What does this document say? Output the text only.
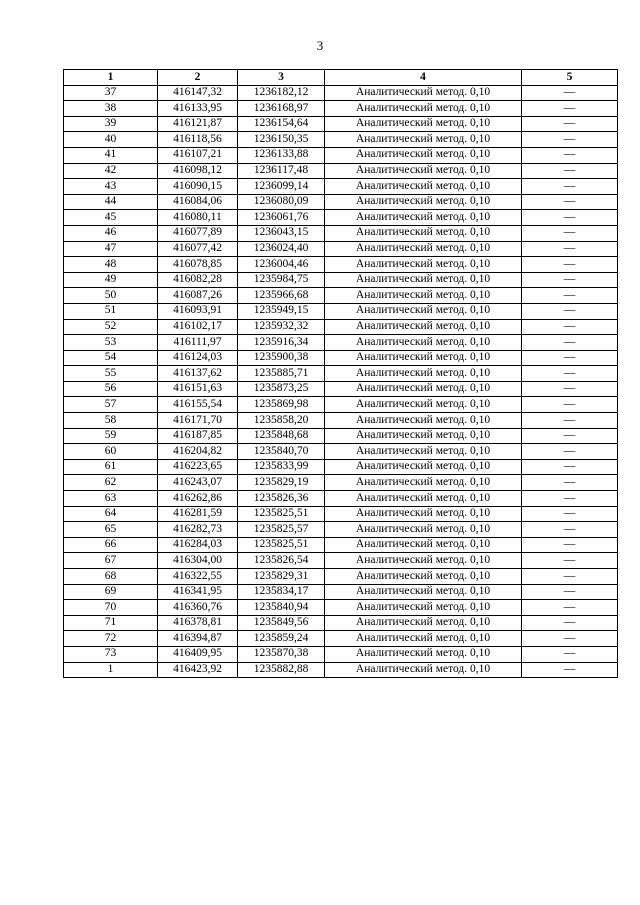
3
1	2	3	4	5
37	416147,32	1236182,12	Аналитический метод. 0,10	—
38	416133,95	1236168,97	Аналитический метод. 0,10	—
39	416121,87	1236154,64	Аналитический метод. 0,10	—
40	416118,56	1236150,35	Аналитический метод. 0,10	—
41	416107,21	1236133,88	Аналитический метод. 0,10	—
42	416098,12	1236117,48	Аналитический метод. 0,10	—
43	416090,15	1236099,14	Аналитический метод. 0,10	—
44	416084,06	1236080,09	Аналитический метод. 0,10	—
45	416080,11	1236061,76	Аналитический метод. 0,10	—
46	416077,89	1236043,15	Аналитический метод. 0,10	—
47	416077,42	1236024,40	Аналитический метод. 0,10	—
48	416078,85	1236004,46	Аналитический метод. 0,10	—
49	416082,28	1235984,75	Аналитический метод. 0,10	—
50	416087,26	1235966,68	Аналитический метод. 0,10	—
51	416093,91	1235949,15	Аналитический метод. 0,10	—
52	416102,17	1235932,32	Аналитический метод. 0,10	—
53	416111,97	1235916,34	Аналитический метод. 0,10	—
54	416124,03	1235900,38	Аналитический метод. 0,10	—
55	416137,62	1235885,71	Аналитический метод. 0,10	—
56	416151,63	1235873,25	Аналитический метод. 0,10	—
57	416155,54	1235869,98	Аналитический метод. 0,10	—
58	416171,70	1235858,20	Аналитический метод. 0,10	—
59	416187,85	1235848,68	Аналитический метод. 0,10	—
60	416204,82	1235840,70	Аналитический метод. 0,10	—
61	416223,65	1235833,99	Аналитический метод. 0,10	—
62	416243,07	1235829,19	Аналитический метод. 0,10	—
63	416262,86	1235826,36	Аналитический метод. 0,10	—
64	416281,59	1235825,51	Аналитический метод. 0,10	—
65	416282,73	1235825,57	Аналитический метод. 0,10	—
66	416284,03	1235825,51	Аналитический метод. 0,10	—
67	416304,00	1235826,54	Аналитический метод. 0,10	—
68	416322,55	1235829,31	Аналитический метод. 0,10	—
69	416341,95	1235834,17	Аналитический метод. 0,10	—
70	416360,76	1235840,94	Аналитический метод. 0,10	—
71	416378,81	1235849,56	Аналитический метод. 0,10	—
72	416394,87	1235859,24	Аналитический метод. 0,10	—
73	416409,95	1235870,38	Аналитический метод. 0,10	—
1	416423,92	1235882,88	Аналитический метод. 0,10	—
